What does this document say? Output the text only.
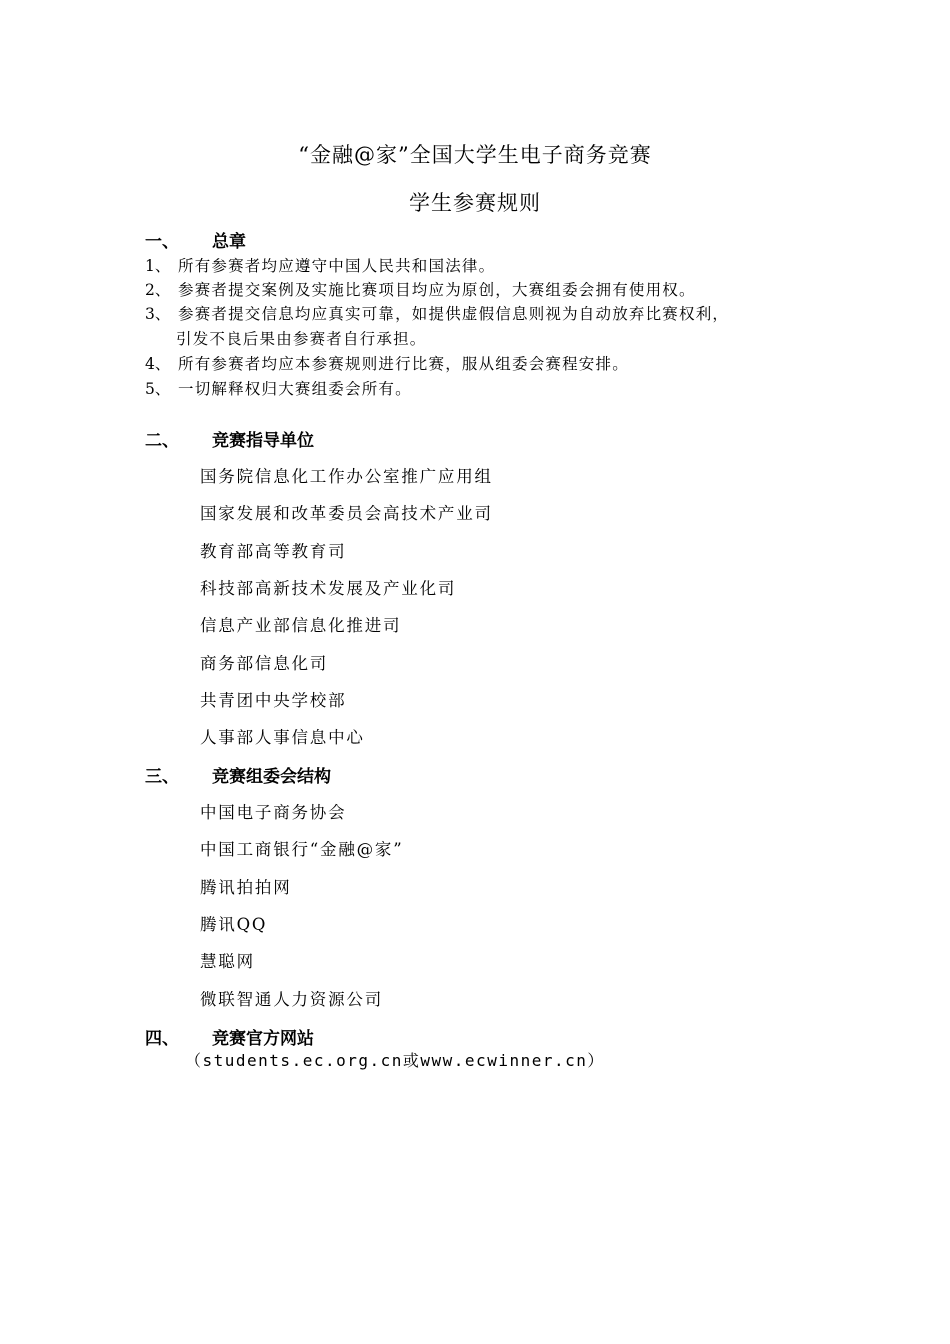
“金融@家”全国大学生电子商务竞赛
学生参赛规则
一、 总章
1、 所有参赛者均应遵守中国人民共和国法律。
2、 参赛者提交案例及实施比赛项目均应为原创，大赛组委会拥有使用权。
3、 参赛者提交信息均应真实可靠，如提供虚假信息则视为自动放弃比赛权利，
引发不良后果由参赛者自行承担。
4、 所有参赛者均应本参赛规则进行比赛，服从组委会赛程安排。
5、 一切解释权归大赛组委会所有。
二、 竞赛指导单位
国务院信息化工作办公室推广应用组
国家发展和改革委员会高技术产业司
教育部高等教育司
科技部高新技术发展及产业化司
信息产业部信息化推进司
商务部信息化司
共青团中央学校部
人事部人事信息中心
三、 竞赛组委会结构
中国电子商务协会
中国工商银行“金融@家”
腾讯拍拍网
腾讯QQ
慧聪网
微联智通人力资源公司
四、 竞赛官方网站
（students.ec.org.cn或www.ecwinner.cn）
